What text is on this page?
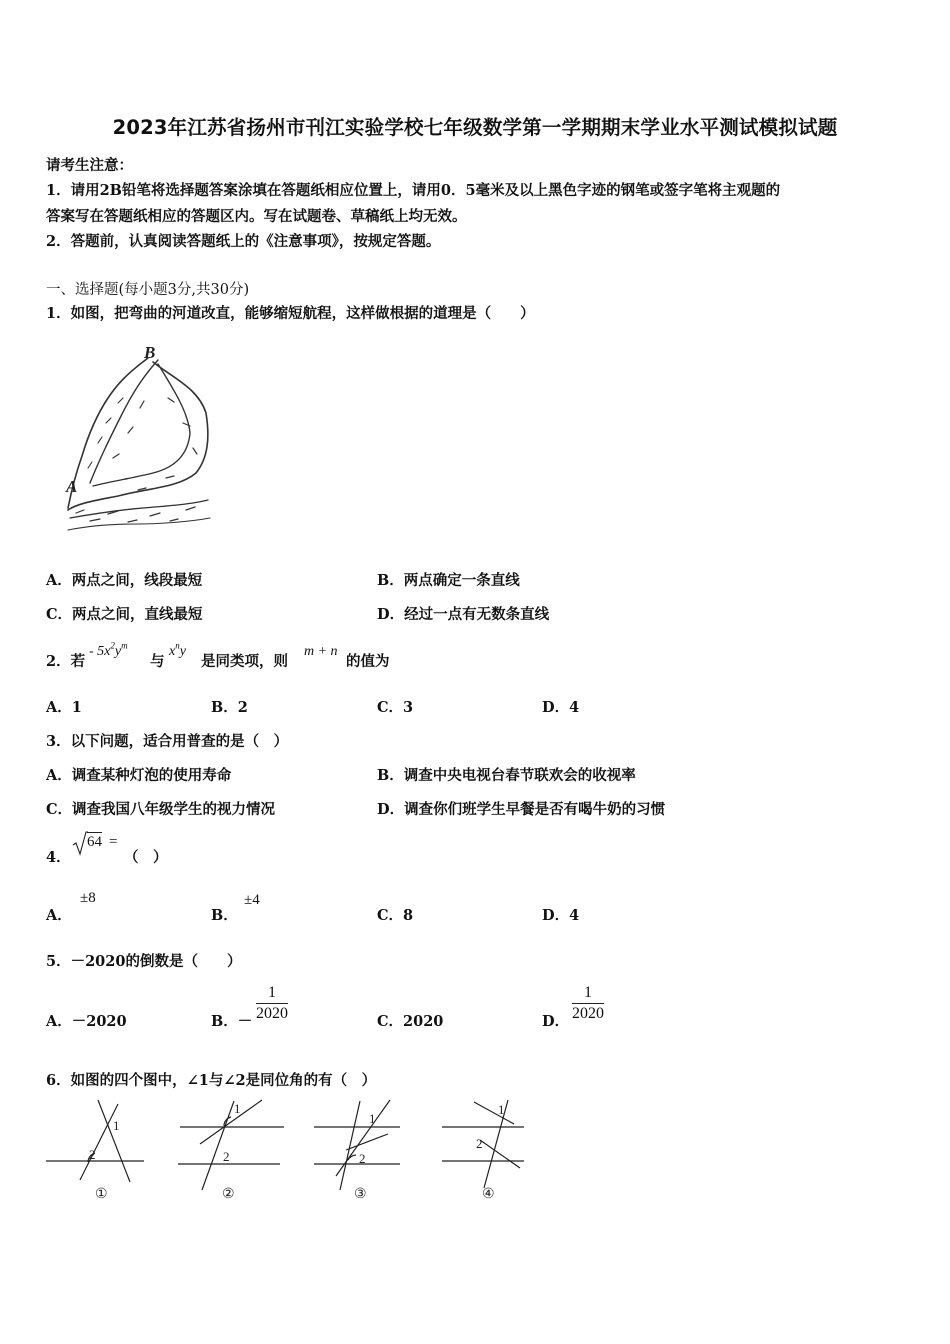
2023年江苏省扬州市刊江实验学校七年级数学第一学期期末学业水平测试模拟试题
请考生注意：
1．请用2B铅笔将选择题答案涂填在答题纸相应位置上，请用0．5毫米及以上黑色字迹的钢笔或签字笔将主观题的
答案写在答题纸相应的答题区内。写在试题卷、草稿纸上均无效。
2．答题前，认真阅读答题纸上的《注意事项》，按规定答题。
一、选择题(每小题3分,共30分)
1．如图，把弯曲的河道改直，能够缩短航程，这样做根据的道理是（　　）
B
A
A．两点之间，线段最短	B．两点确定一条直线
C．两点之间，直线最短	D．经过一点有无数条直线
2．若
- $5x^2y^m$
与
$x^ny$
是同类项，则
m + n
的值为
A．1	B．2	C．3	D．4
3．以下问题，适合用普查的是（　）
A．调查某种灯泡的使用寿命	B．调查中央电视台春节联欢会的收视率
C．调查我国八年级学生的视力情况	D．调查你们班学生早餐是否有喝牛奶的习惯
4．
64 =
（　）
A．
±8
B．
±4
C．8	D．4
5．－2020的倒数是（　　）
A．－2020	B．－ $\frac{1}{2020}$	C．2020	D． $\frac{1}{2020}$
6．如图的四个图中，∠1与∠2是同位角的有（　）
1
2
1
2
1
2
1
2
①	②	③	④
